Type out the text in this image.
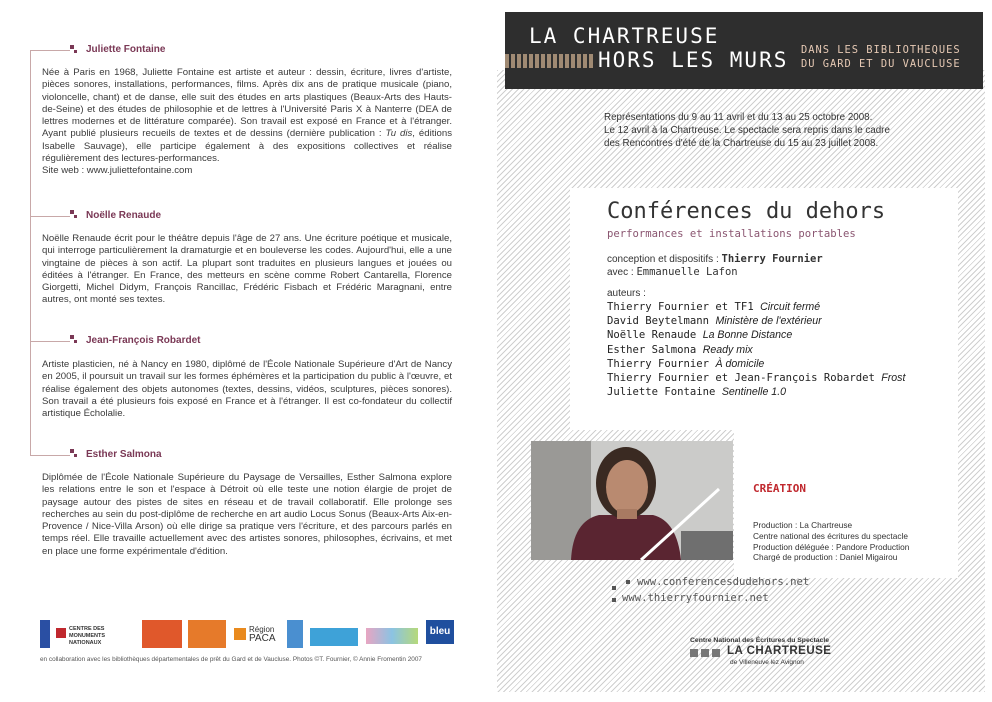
Juliette Fontaine
Née à Paris en 1968, Juliette Fontaine est artiste et auteur : dessin, écriture, livres d'artiste, pièces sonores, installations, performances, films. Après dix ans de pratique musicale (piano, violoncelle, chant) et de danse, elle suit des études en arts plastiques (Beaux-Arts des Hauts-de-Seine) et des études de philosophie et de lettres à l'Université Paris X à Nanterre (DEA de lettres modernes et de littérature comparée). Son travail est exposé en France et à l'étranger. Ayant publié plusieurs recueils de textes et de dessins (dernière publication : Tu dis, éditions Isabelle Sauvage), elle participe également à des expositions collectives et réalise régulièrement des lectures-performances.
Site web : www.juliettefontaine.com
Noëlle Renaude
Noëlle Renaude écrit pour le théâtre depuis l'âge de 27 ans. Une écriture poétique et musicale, qui interroge particulièrement la dramaturgie et en bouleverse les codes. Aujourd'hui, elle a une vingtaine de pièces à son actif. La plupart sont traduites en plusieurs langues et jouées ou éditées à l'étranger. En France, des metteurs en scène comme Robert Cantarella, Florence Giorgetti, Michel Didym, François Rancillac, Frédéric Fisbach et Frédéric Maragnani, entre autres, ont monté ses textes.
Jean-François Robardet
Artiste plasticien, né à Nancy en 1980, diplômé de l'École Nationale Supérieure d'Art de Nancy en 2005, il poursuit un travail sur les formes éphémères et la participation du public à l'œuvre, et réalise également des objets autonomes (textes, dessins, vidéos, sculptures, pièces sonores). Son travail a été plusieurs fois exposé en France et à l'étranger. Il est co-fondateur du collectif artistique Écholalie.
Esther Salmona
Diplômée de l'École Nationale Supérieure du Paysage de Versailles, Esther Salmona explore les relations entre le son et l'espace à Détroit où elle teste une notion élargie de projet de paysage autour des pistes de sites en réseau et de travail collaboratif. Elle prolonge ses recherches au sein du post-diplôme de recherche en art audio Locus Sonus (Beaux-Arts Aix-en-Provence / Nice-Villa Arson) où elle dirige sa pratique vers l'écriture, et des parcours parlés en temps réel. Elle travaille actuellement avec des artistes sonores, philosophes, écrivains, et met en place une forme expérimentale d'édition.
CENTRE DES MONUMENTS NATIONAUX
Région
PACA
bleu
en collaboration avec les bibliothèques départementales de prêt du Gard et de Vaucluse. Photos ©T. Fournier, © Annie Fromentin 2007
LA CHARTREUSE
HORS LES MURS DANS LES BIBLIOTHEQUES
DU GARD ET DU VAUCLUSE
Représentations du 9 au 11 avril et du 13 au 25 octobre 2008.
Le 12 avril à la Chartreuse. Le spectacle sera repris dans le cadre
des Rencontres d'été de la Chartreuse du 15 au 23 juillet 2008.
Conférences du dehors
performances et installations portables
conception et dispositifs : Thierry Fournier
avec : Emmanuelle Lafon
auteurs :
Thierry Fournier et TF1 Circuit fermé
David Beytelmann Ministère de l'extérieur
Noëlle Renaude La Bonne Distance
Esther Salmona Ready mix
Thierry Fournier À domicile
Thierry Fournier et Jean-François Robardet Frost
Juliette Fontaine Sentinelle 1.0
CRÉATION
Production : La Chartreuse
Centre national des écritures du spectacle
Production déléguée : Pandore Production
Chargé de production : Daniel Migairou
www.conferencesdudehors.net
www.thierryfournier.net
Centre National des Écritures du Spectacle
LA CHARTREUSE
de Villeneuve lez Avignon
